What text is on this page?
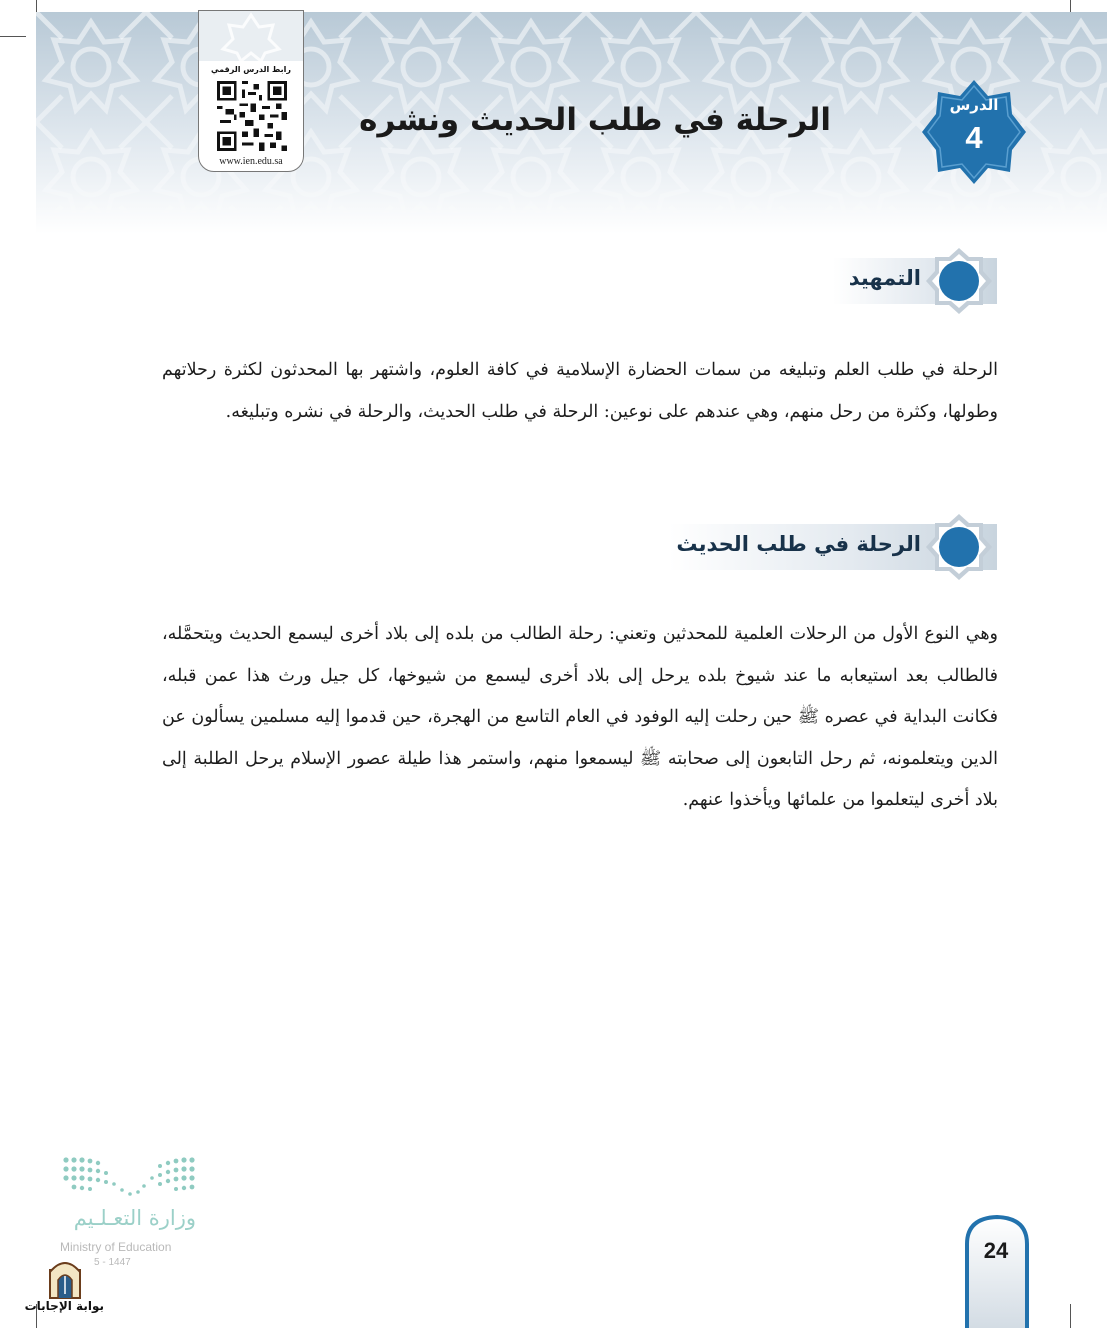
الرحلة في طلب الحديث ونشره	الدرس
4
رابط الدرس الرقمي
www.ien.edu.sa
التمهيد
الرحلة في طلب العلم وتبليغه من سمات الحضارة الإسلامية في كافة العلوم، واشتهر بها المحدثون لكثرة رحلاتهم وطولها، وكثرة من رحل منهم، وهي عندهم على نوعين: الرحلة في طلب الحديث، والرحلة في نشره وتبليغه.
الرحلة في طلب الحديث
وهي النوع الأول من الرحلات العلمية للمحدثين وتعني: رحلة الطالب من بلده إلى بلاد أخرى ليسمع الحديث ويتحمَّله، فالطالب بعد استيعابه ما عند شيوخ بلده يرحل إلى بلاد أخرى ليسمع من شيوخها، كل جيل ورث هذا عمن قبله، فكانت البداية في عصره ﷺ حين رحلت إليه الوفود في العام التاسع من الهجرة، حين قدموا إليه مسلمين يسألون عن الدين ويتعلمونه، ثم رحل التابعون إلى صحابته ﷺ ليسمعوا منهم، واستمر هذا طيلة عصور الإسلام يرحل الطلبة إلى بلاد أخرى ليتعلموا من علمائها ويأخذوا عنهم.
24
وزارة التعـلـيم
Ministry of Education
5 - 1447
بوابة الإجابات
